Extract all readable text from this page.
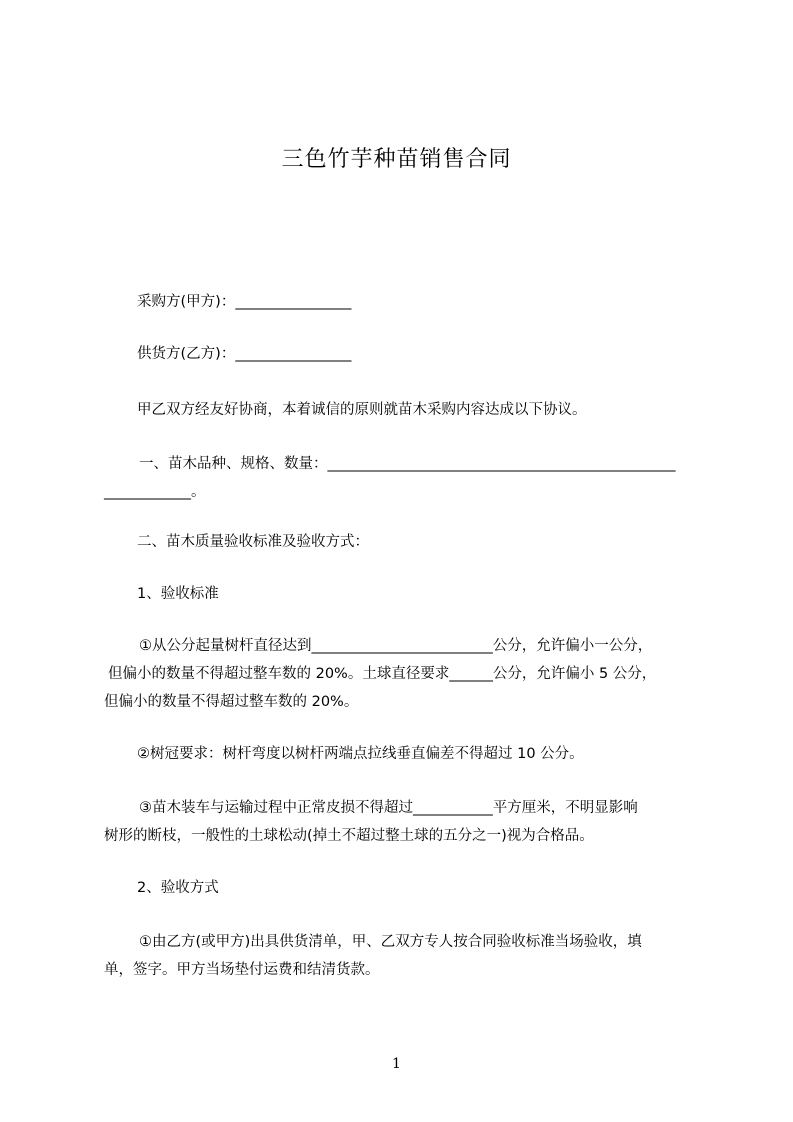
三色竹芋种苗销售合同
采购方(甲方)：________________
供货方(乙方)：________________
甲乙双方经友好协商，本着诚信的原则就苗木采购内容达成以下协议。
一、苗木品种、规格、数量：________________________________________________
____________。
二、苗木质量验收标准及验收方式：
1、验收标准
①从公分起量树杆直径达到_________________________公分，允许偏小一公分，
但偏小的数量不得超过整车数的 20%。土球直径要求______公分，允许偏小 5 公分，
但偏小的数量不得超过整车数的 20%。
②树冠要求：树杆弯度以树杆两端点拉线垂直偏差不得超过 10 公分。
③苗木装车与运输过程中正常皮损不得超过___________平方厘米，不明显影响
树形的断枝，一般性的土球松动(掉土不超过整土球的五分之一)视为合格品。
2、验收方式
①由乙方(或甲方)出具供货清单，甲、乙双方专人按合同验收标准当场验收，填
单，签字。甲方当场垫付运费和结清货款。
1
